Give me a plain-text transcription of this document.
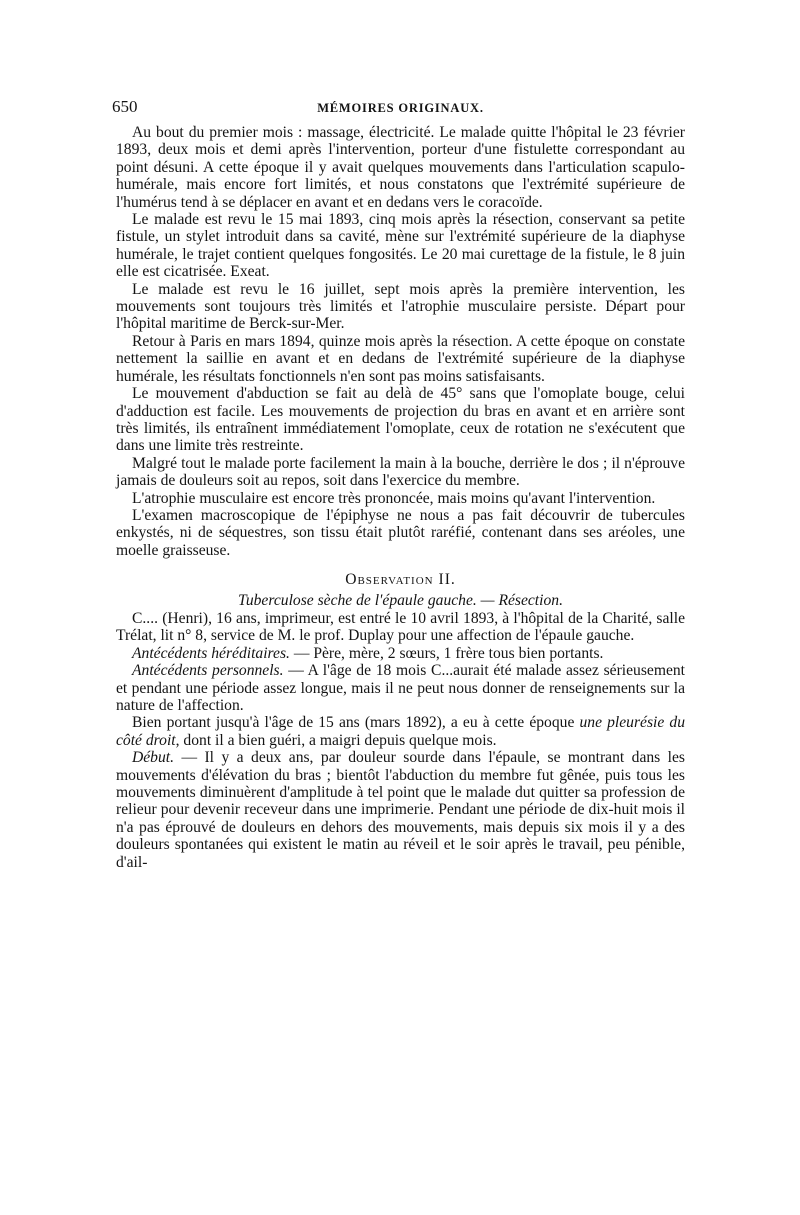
650	MÉMOIRES ORIGINAUX.

Au bout du premier mois : massage, électricité. Le malade quitte l'hôpital le 23 février 1893, deux mois et demi après l'intervention, porteur d'une fistulette correspondant au point désuni. A cette époque il y avait quelques mouvements dans l'articulation scapulo-humérale, mais encore fort limités, et nous constatons que l'extrémité supérieure de l'humérus tend à se déplacer en avant et en dedans vers le coracoïde.

Le malade est revu le 15 mai 1893, cinq mois après la résection, conservant sa petite fistule, un stylet introduit dans sa cavité, mène sur l'extrémité supérieure de la diaphyse humérale, le trajet contient quelques fongosités. Le 20 mai curettage de la fistule, le 8 juin elle est cicatrisée. Exeat.

Le malade est revu le 16 juillet, sept mois après la première intervention, les mouvements sont toujours très limités et l'atrophie musculaire persiste. Départ pour l'hôpital maritime de Berck-sur-Mer.

Retour à Paris en mars 1894, quinze mois après la résection. A cette époque on constate nettement la saillie en avant et en dedans de l'extrémité supérieure de la diaphyse humérale, les résultats fonctionnels n'en sont pas moins satisfaisants.

Le mouvement d'abduction se fait au delà de 45° sans que l'omoplate bouge, celui d'adduction est facile. Les mouvements de projection du bras en avant et en arrière sont très limités, ils entraînent immédiatement l'omoplate, ceux de rotation ne s'exécutent que dans une limite très restreinte.

Malgré tout le malade porte facilement la main à la bouche, derrière le dos ; il n'éprouve jamais de douleurs soit au repos, soit dans l'exercice du membre.

L'atrophie musculaire est encore très prononcée, mais moins qu'avant l'intervention.

L'examen macroscopique de l'épiphyse ne nous a pas fait découvrir de tubercules enkystés, ni de séquestres, son tissu était plutôt raréfié, contenant dans ses aréoles, une moelle graisseuse.

Observation II.
Tuberculose sèche de l'épaule gauche. — Résection.

C.... (Henri), 16 ans, imprimeur, est entré le 10 avril 1893, à l'hôpital de la Charité, salle Trélat, lit n° 8, service de M. le prof. Duplay pour une affection de l'épaule gauche.

Antécédents héréditaires. — Père, mère, 2 sœurs, 1 frère tous bien portants.

Antécédents personnels. — A l'âge de 18 mois C...aurait été malade assez sérieusement et pendant une période assez longue, mais il ne peut nous donner de renseignements sur la nature de l'affection.

Bien portant jusqu'à l'âge de 15 ans (mars 1892), a eu à cette époque une pleurésie du côté droit, dont il a bien guéri, a maigri depuis quelque mois.

Début. — Il y a deux ans, par douleur sourde dans l'épaule, se montrant dans les mouvements d'élévation du bras ; bientôt l'abduction du membre fut gênée, puis tous les mouvements diminuèrent d'amplitude à tel point que le malade dut quitter sa profession de relieur pour devenir receveur dans une imprimerie. Pendant une période de dix-huit mois il n'a pas éprouvé de douleurs en dehors des mouvements, mais depuis six mois il y a des douleurs spontanées qui existent le matin au réveil et le soir après le travail, peu pénible, d'ail-
